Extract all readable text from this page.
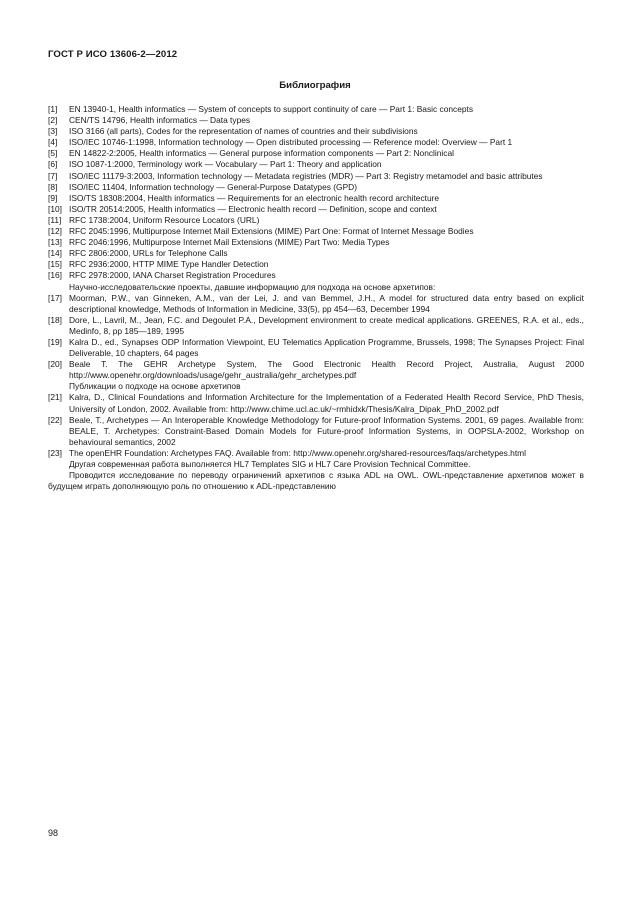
ГОСТ Р ИСО 13606-2—2012
Библиография
[1] EN 13940-1, Health informatics — System of concepts to support continuity of care — Part 1: Basic concepts
[2] CEN/TS 14796, Health informatics — Data types
[3] ISO 3166 (all parts), Codes for the representation of names of countries and their subdivisions
[4] ISO/IEC 10746-1:1998, Information technology — Open distributed processing — Reference model: Overview — Part 1
[5] EN 14822-2:2005, Health informatics — General purpose information components — Part 2: Nonclinical
[6] ISO 1087-1:2000, Terminology work — Vocabulary — Part 1: Theory and application
[7] ISO/IEC 11179-3:2003, Information technology — Metadata registries (MDR) — Part 3: Registry metamodel and basic attributes
[8] ISO/IEC 11404, Information technology — General-Purpose Datatypes (GPD)
[9] ISO/TS 18308:2004, Health informatics — Requirements for an electronic health record architecture
[10] ISO/TR 20514:2005, Health informatics — Electronic health record — Definition, scope and context
[11] RFC 1738:2004, Uniform Resource Locators (URL)
[12] RFC 2045:1996, Multipurpose Internet Mail Extensions (MIME) Part One: Format of Internet Message Bodies
[13] RFC 2046:1996, Multipurpose Internet Mail Extensions (MIME) Part Two: Media Types
[14] RFC 2806:2000, URLs for Telephone Calls
[15] RFC 2936:2000, HTTP MIME Type Handler Detection
[16] RFC 2978:2000, IANA Charset Registration Procedures
Научно-исследовательские проекты, давшие информацию для подхода на основе архетипов:
[17] Moorman, P.W., van Ginneken, A.M., van der Lei, J. and van Bemmel, J.H., A model for structured data entry based on explicit descriptional knowledge, Methods of Information in Medicine, 33(5), pp 454—63, December 1994
[18] Dore, L., Lavril, M., Jean, F.C. and Degoulet P.A., Development environment to create medical applications. GREENES, R.A. et al., eds., Medinfo, 8, pp 185—189, 1995
[19] Kalra D., ed., Synapses ODP Information Viewpoint, EU Telematics Application Programme, Brussels, 1998; The Synapses Project: Final Deliverable, 10 chapters, 64 pages
[20] Beale T. The GEHR Archetype System, The Good Electronic Health Record Project, Australia, August 2000 http://www.openehr.org/downloads/usage/gehr_australia/gehr_archetypes.pdf
Публикации о подходе на основе архетипов
[21] Kalra, D., Clinical Foundations and Information Architecture for the Implementation of a Federated Health Record Service, PhD Thesis, University of London, 2002. Available from: http://www.chime.ucl.ac.uk/~rmhidxk/Thesis/Kalra_Dipak_PhD_2002.pdf
[22] Beale, T., Archetypes — An Interoperable Knowledge Methodology for Future-proof Information Systems. 2001, 69 pages. Available from: BEALE, T. Archetypes: Constraint-Based Domain Models for Future-proof Information Systems, in OOPSLA-2002, Workshop on behavioural semantics, 2002
[23] The openEHR Foundation: Archetypes FAQ. Available from: http://www.openehr.org/shared-resources/faqs/archetypes.html
Другая современная работа выполняется HL7 Templates SIG и HL7 Care Provision Technical Committee.
Проводится исследование по переводу ограничений архетипов с языка ADL на OWL. OWL-представление архетипов может в будущем играть дополняющую роль по отношению к ADL-представлению
98
